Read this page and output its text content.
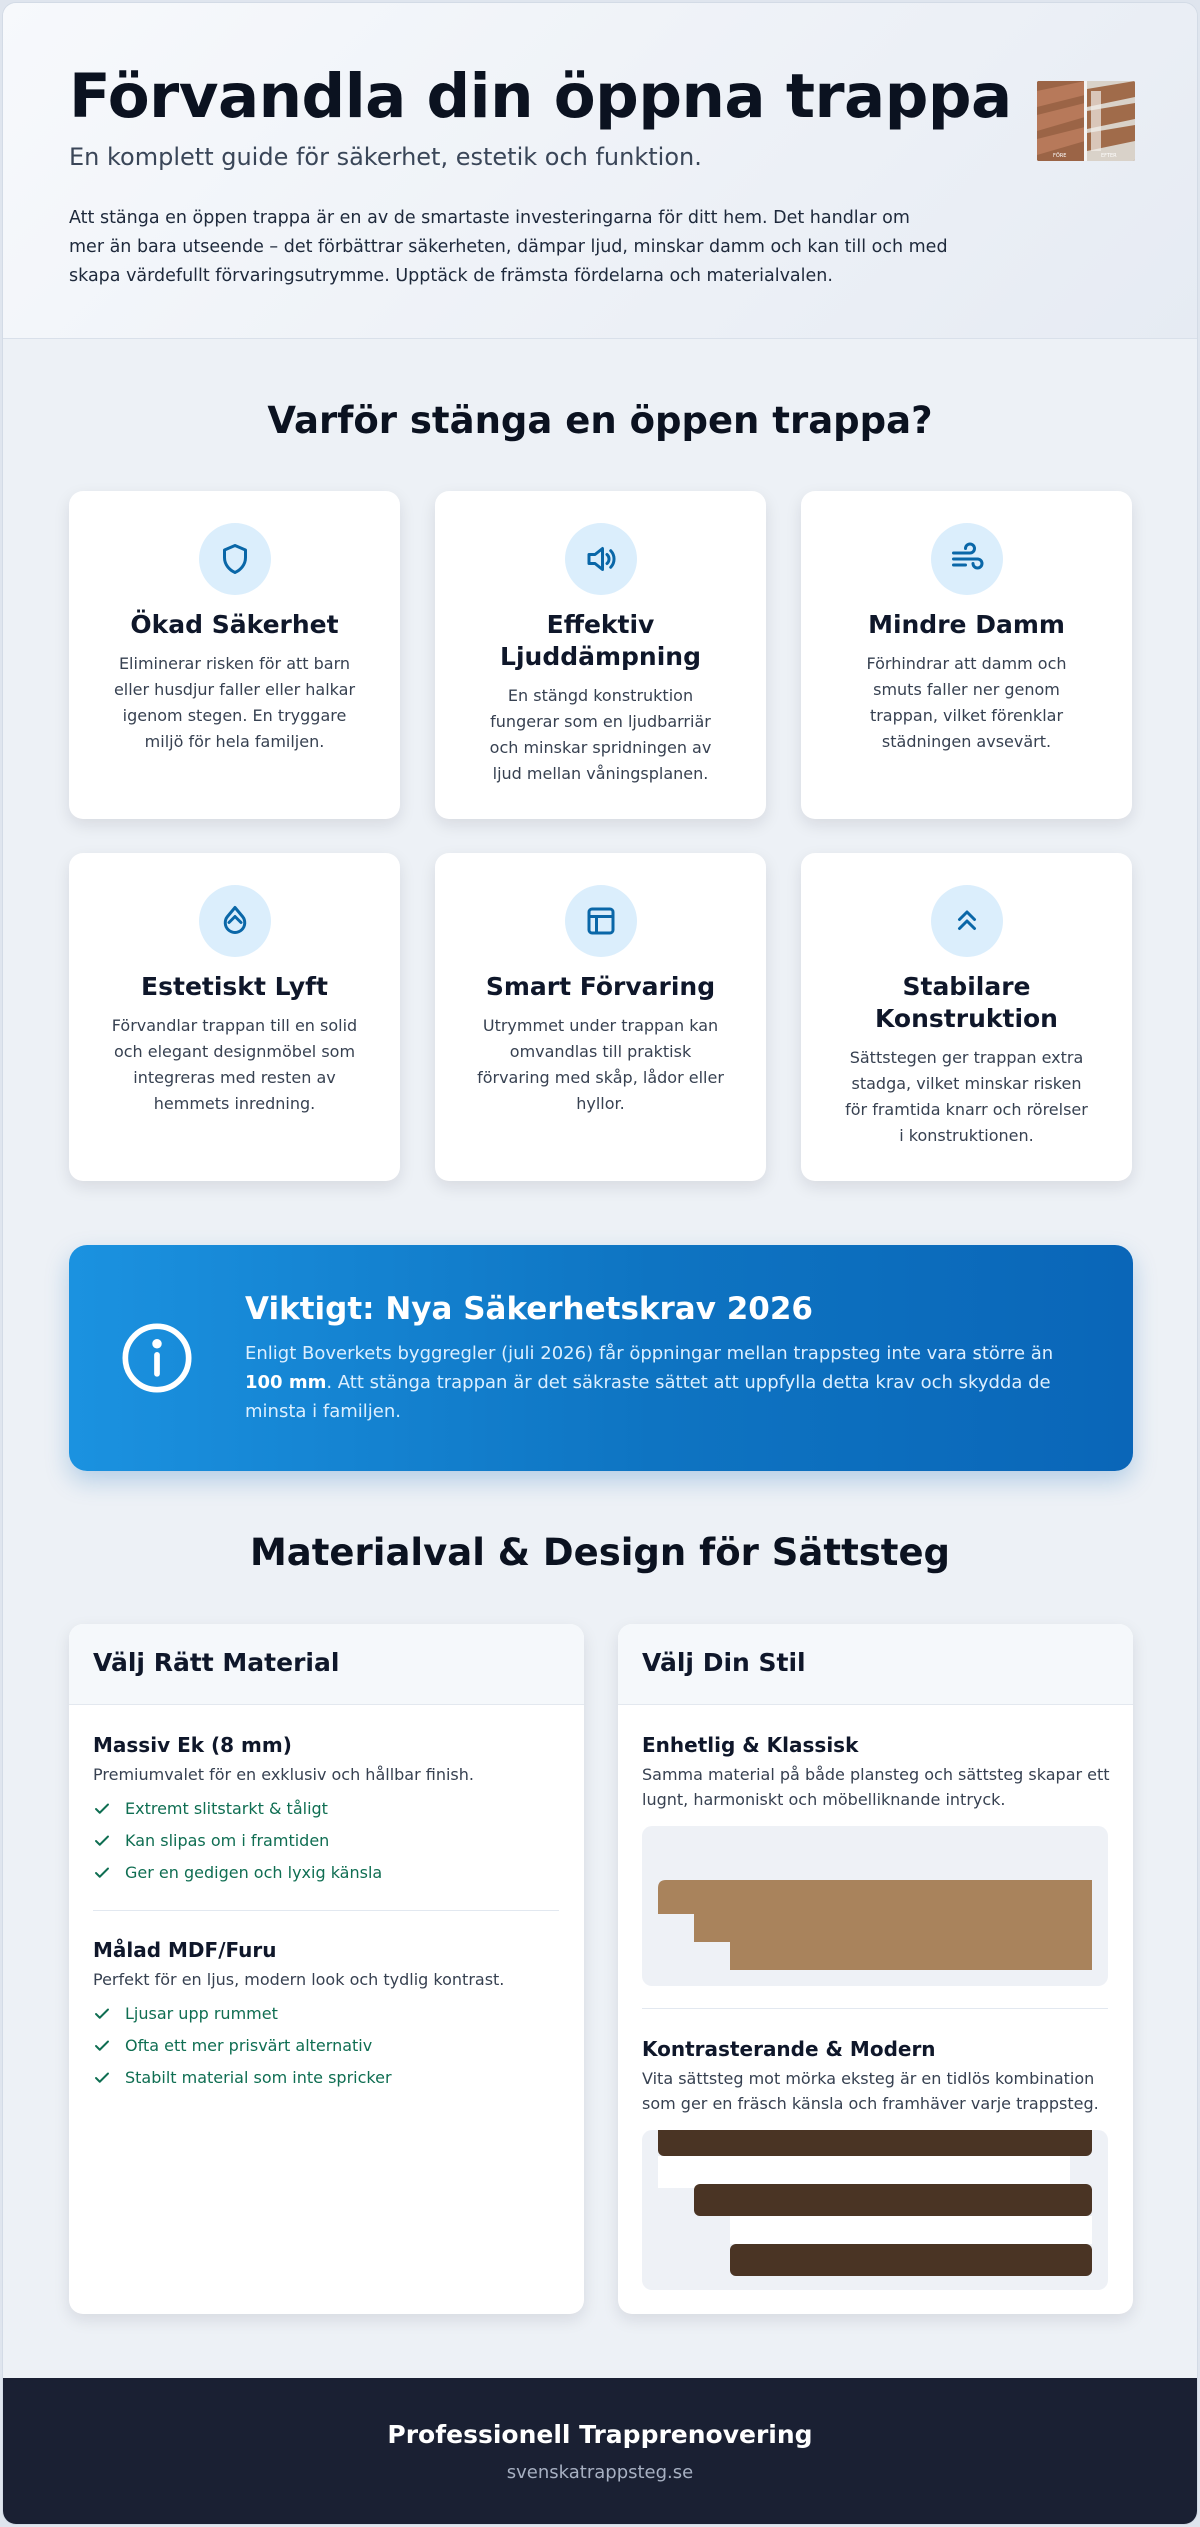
Förvandla din öppna trappa
En komplett guide för säkerhet, estetik och funktion.
Att stänga en öppen trappa är en av de smartaste investeringarna för ditt hem. Det handlar om mer än bara utseende – det förbättrar säkerheten, dämpar ljud, minskar damm och kan till och med skapa värdefullt förvaringsutrymme. Upptäck de främsta fördelarna och materialvalen.
FÖRE	EFTER
Varför stänga en öppen trappa?
Ökad Säkerhet
Eliminerar risken för att barn eller husdjur faller eller halkar igenom stegen. En tryggare miljö för hela familjen.
Effektiv Ljuddämpning
En stängd konstruktion fungerar som en ljudbarriär och minskar spridningen av ljud mellan våningsplanen.
Mindre Damm
Förhindrar att damm och smuts faller ner genom trappan, vilket förenklar städningen avsevärt.
Estetiskt Lyft
Förvandlar trappan till en solid och elegant designmöbel som integreras med resten av hemmets inredning.
Smart Förvaring
Utrymmet under trappan kan omvandlas till praktisk förvaring med skåp, lådor eller hyllor.
Stabilare Konstruktion
Sättstegen ger trappan extra stadga, vilket minskar risken för framtida knarr och rörelser i konstruktionen.
Viktigt: Nya Säkerhetskrav 2026
Enligt Boverkets byggregler (juli 2026) får öppningar mellan trappsteg inte vara större än 100 mm. Att stänga trappan är det säkraste sättet att uppfylla detta krav och skydda de minsta i familjen.
Materialval & Design för Sättsteg
Välj Rätt Material
Massiv Ek (8 mm)
Premiumvalet för en exklusiv och hållbar finish.
Extremt slitstarkt & tåligt
Kan slipas om i framtiden
Ger en gedigen och lyxig känsla
Målad MDF/Furu
Perfekt för en ljus, modern look och tydlig kontrast.
Ljusar upp rummet
Ofta ett mer prisvärt alternativ
Stabilt material som inte spricker
Välj Din Stil
Enhetlig & Klassisk
Samma material på både plansteg och sättsteg skapar ett lugnt, harmoniskt och möbelliknande intryck.
Kontrasterande & Modern
Vita sättsteg mot mörka eksteg är en tidlös kombination som ger en fräsch känsla och framhäver varje trappsteg.
Professionell Trapprenovering
svenskatrappsteg.se
